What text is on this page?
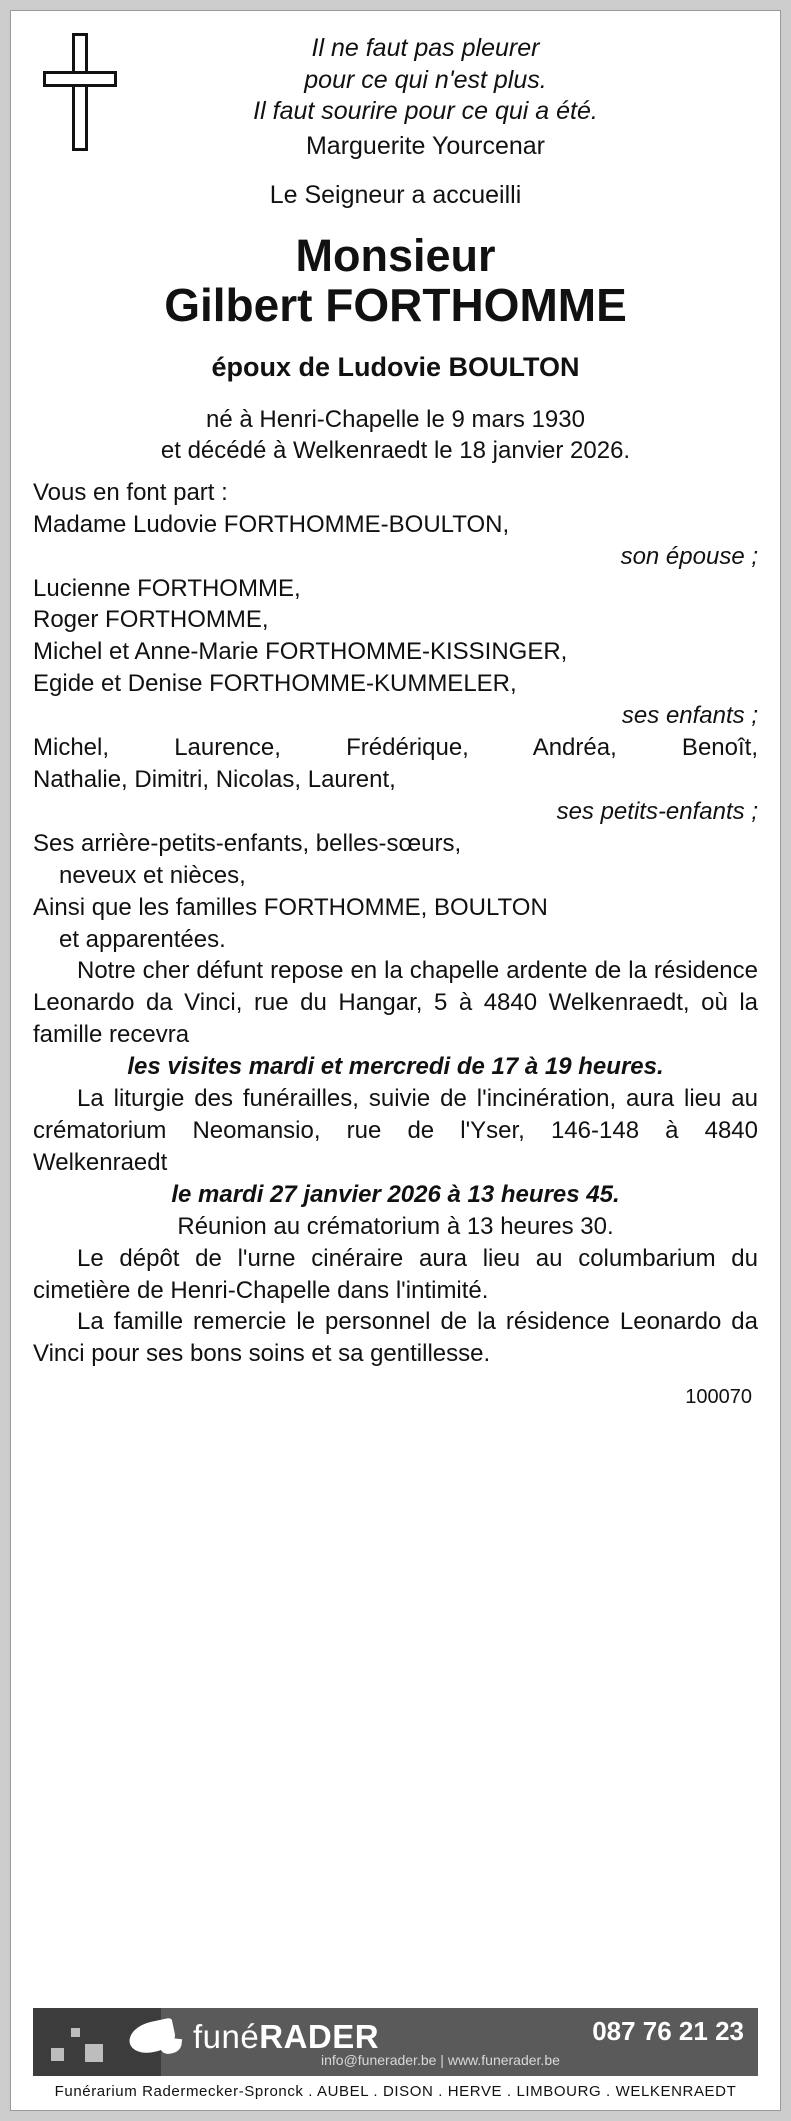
Il ne faut pas pleurer
pour ce qui n'est plus.
Il faut sourire pour ce qui a été.
Marguerite Yourcenar
Le Seigneur a accueilli
Monsieur
Gilbert FORTHOMME
époux de Ludovie BOULTON
né à Henri-Chapelle le 9 mars 1930
et décédé à Welkenraedt le 18 janvier 2026.

Vous en font part :

Madame Ludovie FORTHOMME-BOULTON,

son épouse ;

Lucienne FORTHOMME,

Roger FORTHOMME,

Michel et Anne-Marie FORTHOMME-KISSINGER,

Egide et Denise FORTHOMME-KUMMELER,

ses enfants ;

Michel, Laurence, Frédérique, Andréa, Benoît,

Nathalie, Dimitri, Nicolas, Laurent,

ses petits-enfants ;

Ses arrière-petits-enfants, belles-sœurs,

neveux et nièces,

Ainsi que les familles FORTHOMME, BOULTON

et apparentées.

Notre cher défunt repose en la chapelle ardente de la résidence Leonardo da Vinci, rue du Hangar, 5 à 4840 Welkenraedt, où la famille recevra

les visites mardi et mercredi de 17 à 19 heures.

La liturgie des funérailles, suivie de l'incinération, aura lieu au crématorium Neomansio, rue de l'Yser, 146-148 à 4840 Welkenraedt

le mardi 27 janvier 2026 à 13 heures 45.

Réunion au crématorium à 13 heures 30.

Le dépôt de l'urne cinéraire aura lieu au columbarium du cimetière de Henri-Chapelle dans l'intimité.

La famille remercie le personnel de la résidence Leonardo da Vinci pour ses bons soins et sa gentillesse.

100070
funéRADER
info@funerader.be | www.funerader.be
087 76 21 23
Funérarium Radermecker-Spronck . AUBEL . DISON . HERVE . LIMBOURG . WELKENRAEDT
